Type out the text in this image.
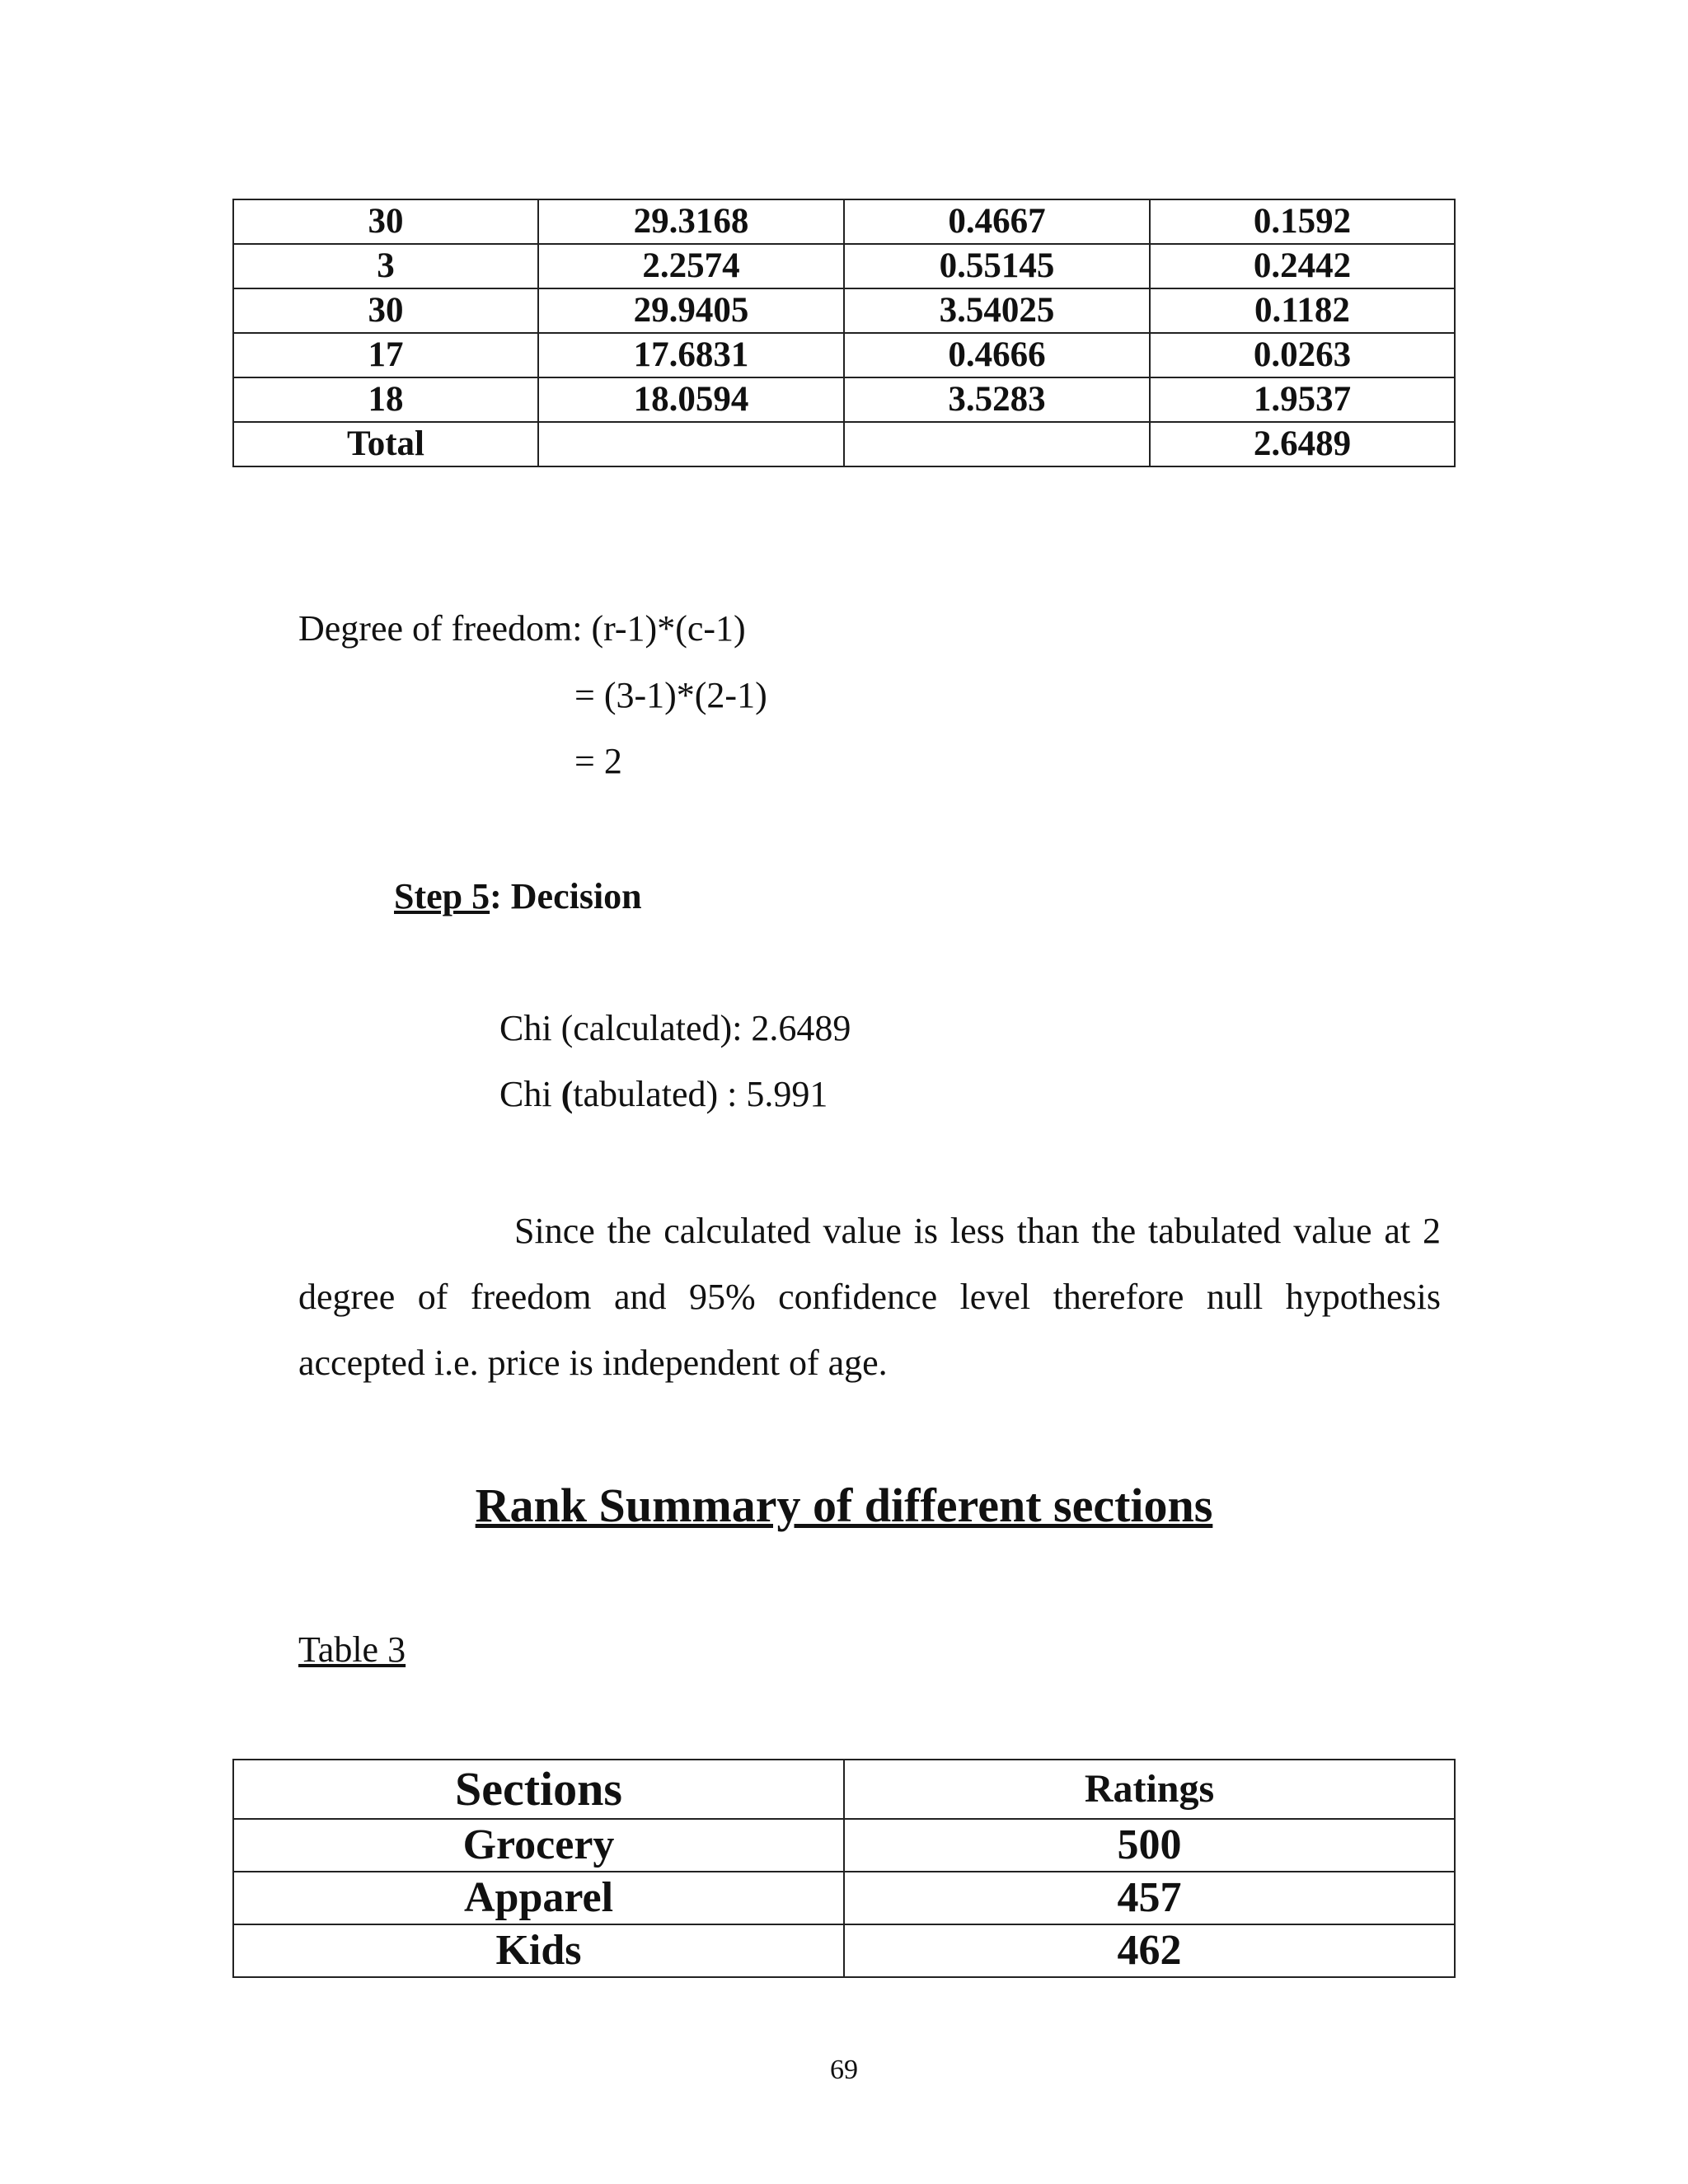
30	29.3168	0.4667	0.1592
3	2.2574	0.55145	0.2442
30	29.9405	3.54025	0.1182
17	17.6831	0.4666	0.0263
18	18.0594	3.5283	1.9537
Total			2.6489
Degree of freedom: (r-1)*(c-1)
= (3-1)*(2-1)
= 2
Step 5: Decision
Chi (calculated): 2.6489
Chi (tabulated) : 5.991
Since the calculated value is less than the tabulated value at 2 degree of freedom and 95% confidence level therefore null hypothesis accepted i.e. price is independent of age.
Rank Summary of different sections
Table 3
Sections	Ratings
Grocery	500
Apparel	457
Kids	462
69
